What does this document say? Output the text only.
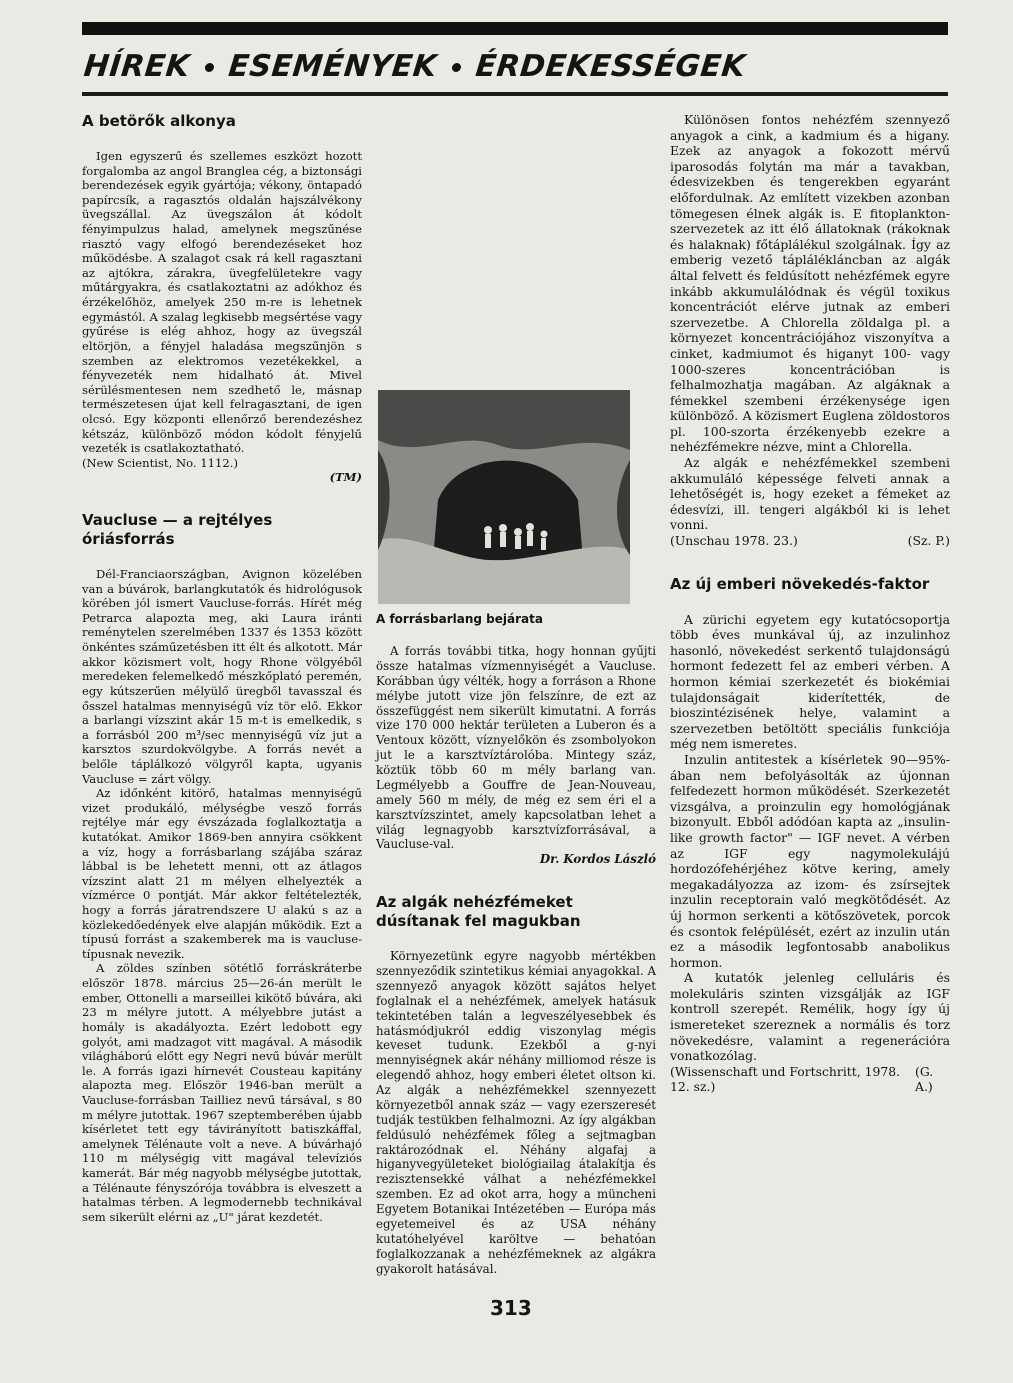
HÍREK ESEMÉNYEK ÉRDEKESSÉGEK
A betörők alkonya

Igen egyszerű és szellemes eszközt hozott forgalomba az angol Branglea cég, a biztonsági berendezések egyik gyártója; vékony, öntapadó papírcsík, a ragasztós oldalán hajszálvékony üvegszállal. Az üvegszálon át kódolt fényimpulzus halad, amelynek megszűnése riasztó vagy elfogó berendezéseket hoz működésbe. A szalagot csak rá kell ragasztani az ajtókra, zárakra, üvegfelületekre vagy műtárgyakra, és csatlakoztatni az adókhoz és érzékelőhöz, amelyek 250 m-re is lehetnek egymástól. A szalag legkisebb megsértése vagy gyűrése is elég ahhoz, hogy az üvegszál eltörjön, a fényjel haladása megszűnjön s szemben az elektromos vezetékekkel, a fényvezeték nem hidalható át. Mivel sérülésmentesen nem szedhető le, másnap természetesen újat kell felragasztani, de igen olcsó. Egy központi ellenőrző berendezéshez kétszáz, különböző módon kódolt fényjelű vezeték is csatlakoztatható.

(New Scientist, No. 1112.)
(TM)
Vaucluse — a rejtélyes óriásforrás

Dél-Franciaországban, Avignon közelében van a búvárok, barlangkutatók és hidrológusok körében jól ismert Vaucluse-forrás. Hírét még Petrarca alapozta meg, aki Laura iránti reménytelen szerelmében 1337 és 1353 között önkéntes száműzetésben itt élt és alkotott. Már akkor közismert volt, hogy Rhone völgyéből meredeken felemelkedő mészkőplató peremén, egy kútszerűen mélyülő üregből tavasszal és ősszel hatalmas mennyiségű víz tör elő. Ekkor a barlangi vízszint akár 15 m-t is emelkedik, s a forrásból 200 m³/sec mennyiségű víz jut a karsztos szurdokvölgybe. A forrás nevét a belőle táplálkozó völgyről kapta, ugyanis Vaucluse = zárt völgy.

Az időnként kitörő, hatalmas mennyiségű vizet produkáló, mélységbe vesző forrás rejtélye már egy évszázada foglalkoztatja a kutatókat. Amikor 1869-ben annyira csökkent a víz, hogy a forrásbarlang szájába száraz lábbal is be lehetett menni, ott az átlagos vízszint alatt 21 m mélyen elhelyezték a vízmérce 0 pontját. Már akkor feltételezték, hogy a forrás járatrendszere U alakú s az a közlekedőedények elve alapján működik. Ezt a típusú forrást a szakemberek ma is vaucluse-típusnak nevezik.

A zöldes színben sötétlő forráskráterbe először 1878. március 25—26-án merült le ember, Ottonelli a marseillei kikötő búvára, aki 23 m mélyre jutott. A mélyebbre jutást a homály is akadályozta. Ezért ledobott egy golyót, ami madzagot vitt magával. A második világháború előtt egy Negri nevű búvár merült le. A forrás igazi hírnevét Cousteau kapitány alapozta meg. Először 1946-ban merült a Vaucluse-forrásban Tailliez nevű társával, s 80 m mélyre jutottak. 1967 szeptemberében újabb kísérletet tett egy távirányított batiszkáffal, amelynek Télénaute volt a neve. A búvárhajó 110 m mélységig vitt magával televíziós kamerát. Bár még nagyobb mélységbe jutottak, a Télénaute fényszórója továbbra is elveszett a hatalmas térben. A legmodernebb technikával sem sikerült elérni az „U" járat kezdetét.

A forrásbarlang bejárata

A forrás további titka, hogy honnan gyűjti össze hatalmas vízmennyiségét a Vaucluse. Korábban úgy vélték, hogy a forráson a Rhone mélybe jutott vize jön felszínre, de ezt az összefüggést nem sikerült kimutatni. A forrás vize 170 000 hektár területen a Luberon és a Ventoux között, víznyelőkön és zsombolyokon jut le a karsztvíztárolóba. Mintegy száz, köztük több 60 m mély barlang van. Legmélyebb a Gouffre de Jean-Nouveau, amely 560 m mély, de még ez sem éri el a karsztvízszintet, amely kapcsolatban lehet a világ legnagyobb karsztvízforrásával, a Vaucluse-val.

Dr. Kordos László
Az algák nehézfémeket dúsítanak fel magukban

Környezetünk egyre nagyobb mértékben szennyeződik szintetikus kémiai anyagokkal. A szennyező anyagok között sajátos helyet foglalnak el a nehézfémek, amelyek hatásuk tekintetében talán a legveszélyesebbek és hatásmódjukról eddig viszonylag mégis keveset tudunk. Ezekből a g-nyi mennyiségnek akár néhány milliomod része is elegendő ahhoz, hogy emberi életet oltson ki. Az algák a nehézfémekkel szennyezett környezetből annak száz — vagy ezerszeresét tudják testükben felhalmozni. Az így algákban feldúsuló nehézfémek főleg a sejtmagban raktározódnak el. Néhány algafaj a higanyvegyületeket biológiailag átalakítja és rezisztensekké válhat a nehézfémekkel szemben. Ez ad okot arra, hogy a müncheni Egyetem Botanikai Intézetében — Európa más egyetemeivel és az USA néhány kutatóhelyével karöltve — behatóan foglalkozzanak a nehézfémeknek az algákra gyakorolt hatásával.

Különösen fontos nehézfém szennyező anyagok a cink, a kadmium és a higany. Ezek az anyagok a fokozott mérvű iparosodás folytán ma már a tavakban, édesvizekben és tengerekben egyaránt előfordulnak. Az említett vizekben azonban tömegesen élnek algák is. E fitoplankton-szervezetek az itt élő állatoknak (rákoknak és halaknak) főtáplálékul szolgálnak. Így az emberig vezető táplálékláncban az algák által felvett és feldúsított nehézfémek egyre inkább akkumulálódnak és végül toxikus koncentrációt elérve jutnak az emberi szervezetbe. A Chlorella zöldalga pl. a környezet koncentrációjához viszonyítva a cinket, kadmiumot és higanyt 100- vagy 1000-szeres koncentrációban is felhalmozhatja magában. Az algáknak a fémekkel szembeni érzékenysége igen különböző. A közismert Euglena zöldostoros pl. 100-szorta érzékenyebb ezekre a nehézfémekre nézve, mint a Chlorella.

Az algák e nehézfémekkel szembeni akkumuláló képessége felveti annak a lehetőségét is, hogy ezeket a fémeket az édesvízi, ill. tengeri algákból ki is lehet vonni.

(Unschau 1978. 23.)	(Sz. P.)
Az új emberi növekedés-faktor

A zürichi egyetem egy kutatócsoportja több éves munkával új, az inzulinhoz hasonló, növekedést serkentő tulajdonságú hormont fedezett fel az emberi vérben. A hormon kémiai szerkezetét és biokémiai tulajdonságait kiderítették, de bioszintézisének helye, valamint a szervezetben betöltött speciális funkciója még nem ismeretes.

Inzulin antitestek a kísérletek 90—95%-ában nem befolyásolták az újonnan felfedezett hormon működését. Szerkezetét vizsgálva, a proinzulin egy homológjának bizonyult. Ebből adódóan kapta az „insulin-like growth factor" — IGF nevet. A vérben az IGF egy nagymolekulájú hordozófehérjéhez kötve kering, amely megakadályozza az izom- és zsírsejtek inzulin receptorain való megkötődését. Az új hormon serkenti a kötőszövetek, porcok és csontok felépülését, ezért az inzulin után ez a második legfontosabb anabolikus hormon.

A kutatók jelenleg celluláris és molekuláris szinten vizsgálják az IGF kontroll szerepét. Remélik, hogy így új ismereteket szereznek a normális és torz növekedésre, valamint a regenerációra vonatkozólag.

(Wissenschaft und Fortschritt, 1978. 12. sz.)
(G. A.)
313
